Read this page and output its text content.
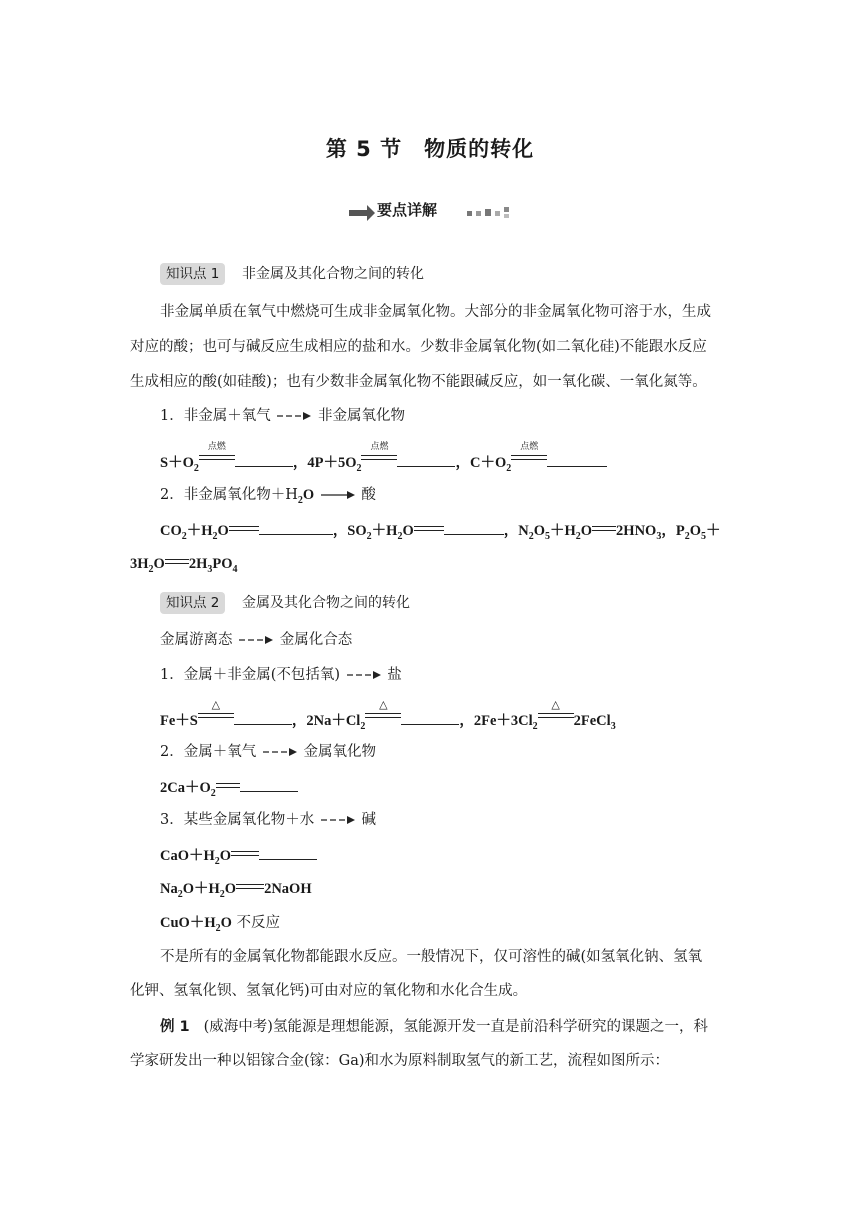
第 5 节　物质的转化
要点详解
知识点 1 非金属及其化合物之间的转化
非金属单质在氧气中燃烧可生成非金属氧化物。大部分的非金属氧化物可溶于水，生成
对应的酸；也可与碱反应生成相应的盐和水。少数非金属氧化物(如二氧化硅)不能跟水反应
生成相应的酸(如硅酸)；也有少数非金属氧化物不能跟碱反应，如一氧化碳、一氧化氮等。
1．非金属＋氧气	非金属氧化物
$S+O_2$
点燃
，$4P+5O_2$
点燃
，$C+O_2$
点燃
2．非金属氧化物$+H_2O$	酸
$CO_2+H_2O$	，$SO_2+H_2O$	，$N_2O_5+H_2O$ $2HNO_3$，$P_2O_5+$
$3H_2O$ $2H_3PO_4$
知识点 2 金属及其化合物之间的转化
金属游离态	金属化合态
1．金属＋非金属(不包括氧)	盐
Fe＋S
△
，$2Na+Cl_2$
△
，$2Fe+3Cl_2$
△
2FeCl$_3$
2．金属＋氧气	金属氧化物
$2Ca+O_2$
3．某些金属氧化物＋水	碱
$CaO+H_2O$
$Na_2O+H_2O$ 2NaOH
$CuO+H_2O$ 不反应
不是所有的金属氧化物都能跟水反应。一般情况下，仅可溶性的碱(如氢氧化钠、氢氧
化钾、氢氧化钡、氢氧化钙)可由对应的氧化物和水化合生成。
例 1 (威海中考)氢能源是理想能源，氢能源开发一直是前沿科学研究的课题之一，科
学家研发出一种以铝镓合金(镓：Ga)和水为原料制取氢气的新工艺，流程如图所示：
